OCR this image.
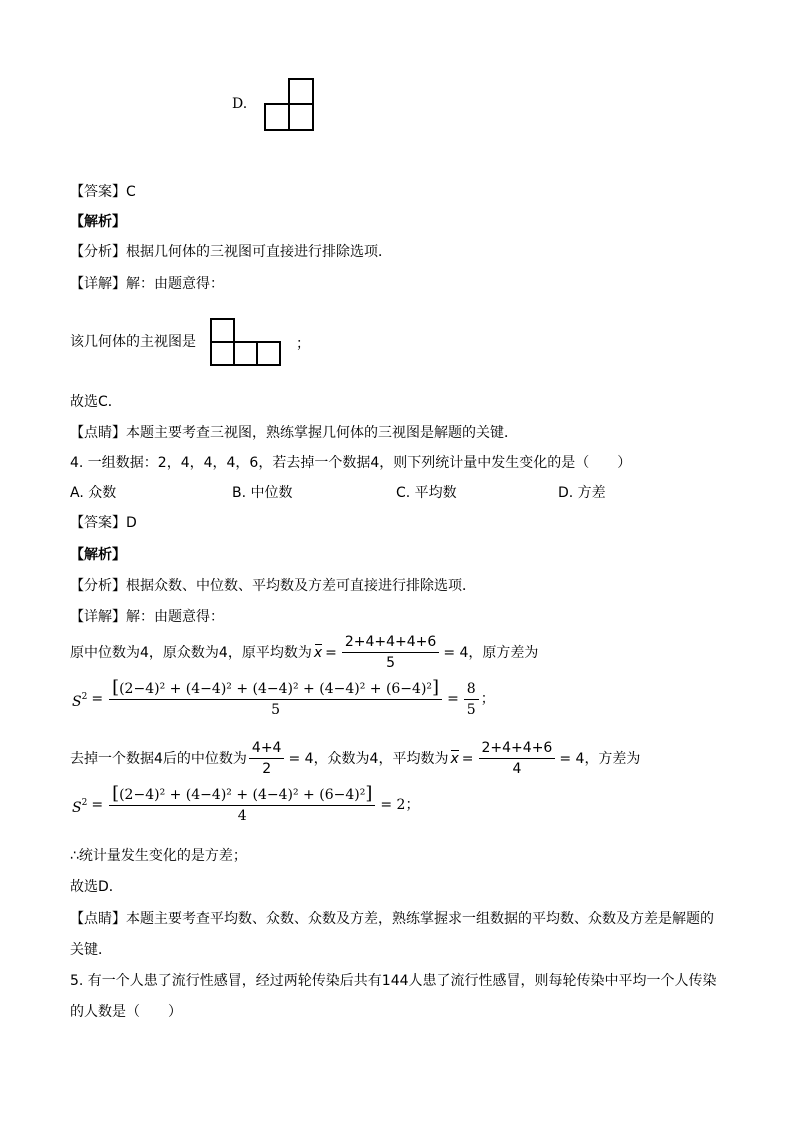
D.
【答案】C
【解析】
【分析】根据几何体的三视图可直接进行排除选项．
【详解】解：由题意得：
该几何体的主视图是	；
故选C．
【点睛】本题主要考查三视图，熟练掌握几何体的三视图是解题的关键．
4. 一组数据：2，4，4，4，6，若去掉一个数据4，则下列统计量中发生变化的是（　　）
A. 众数	B. 中位数	C. 平均数	D. 方差
【答案】D
【解析】
【分析】根据众数、中位数、平均数及方差可直接进行排除选项．
【详解】解：由题意得：
原中位数为4，原众数为4，原平均数为 $x = \frac{2+4+4+4+6}{5} = 4$ ，原方差为
$S^2 = \frac{\text{[(2−4)² + (4−4)² + (4−4)² + (4−4)² + (6−4)²]}}{5} = \frac{8}{5}$ ；
去掉一个数据4后的中位数为 $\frac{4+4}{2} = 4$ ，众数为4，平均数为 $x = \frac{2+4+4+6}{4} = 4$ ，方差为
$S^2 = \frac{\text{[(2−4)² + (4−4)² + (4−4)² + (6−4)²]}}{4} = 2$ ；
∴统计量发生变化的是方差；
故选D．
【点睛】本题主要考查平均数、众数、众数及方差，熟练掌握求一组数据的平均数、众数及方差是解题的
关键．
5. 有一个人患了流行性感冒，经过两轮传染后共有144人患了流行性感冒，则每轮传染中平均一个人传染
的人数是（　　）
